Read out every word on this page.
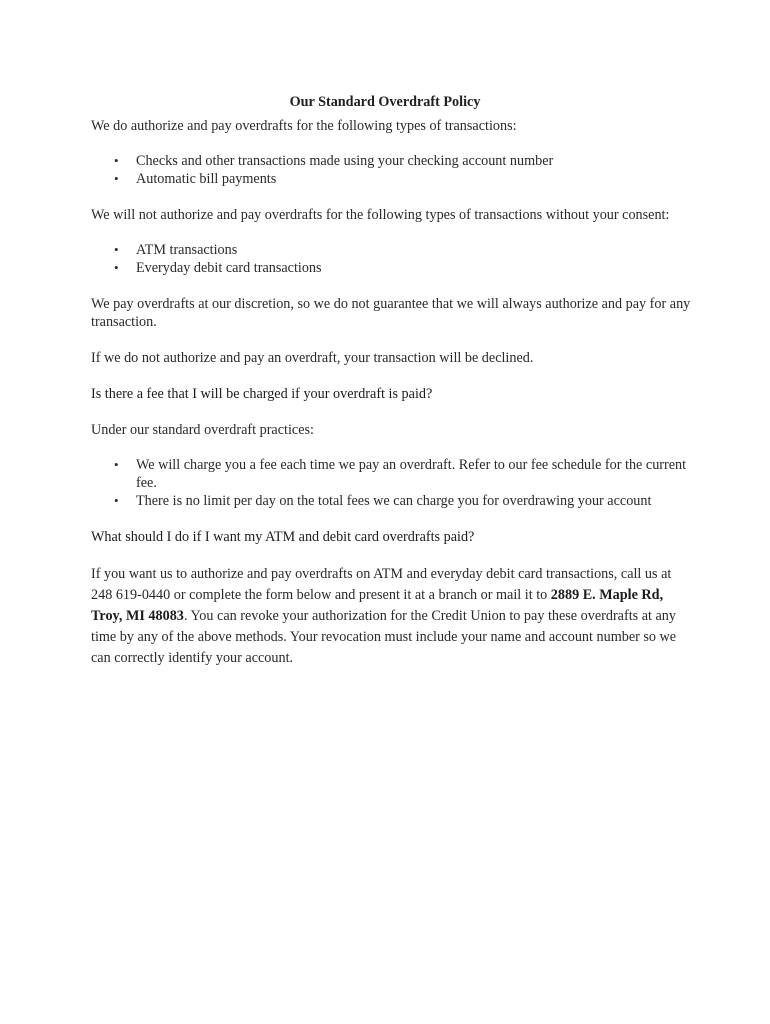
Our Standard Overdraft Policy

We do authorize and pay overdrafts for the following types of transactions:

• Checks and other transactions made using your checking account number
• Automatic bill payments

We will not authorize and pay overdrafts for the following types of transactions without your consent:

• ATM transactions
• Everyday debit card transactions

We pay overdrafts at our discretion, so we do not guarantee that we will always authorize and pay for any transaction.

If we do not authorize and pay an overdraft, your transaction will be declined.

Is there a fee that I will be charged if your overdraft is paid?

Under our standard overdraft practices:

• We will charge you a fee each time we pay an overdraft. Refer to our fee schedule for the current fee.
• There is no limit per day on the total fees we can charge you for overdrawing your account

What should I do if I want my ATM and debit card overdrafts paid?

If you want us to authorize and pay overdrafts on ATM and everyday debit card transactions, call us at 248 619-0440 or complete the form below and present it at a branch or mail it to 2889 E. Maple Rd, Troy, MI 48083. You can revoke your authorization for the Credit Union to pay these overdrafts at any time by any of the above methods. Your revocation must include your name and account number so we can correctly identify your account.
